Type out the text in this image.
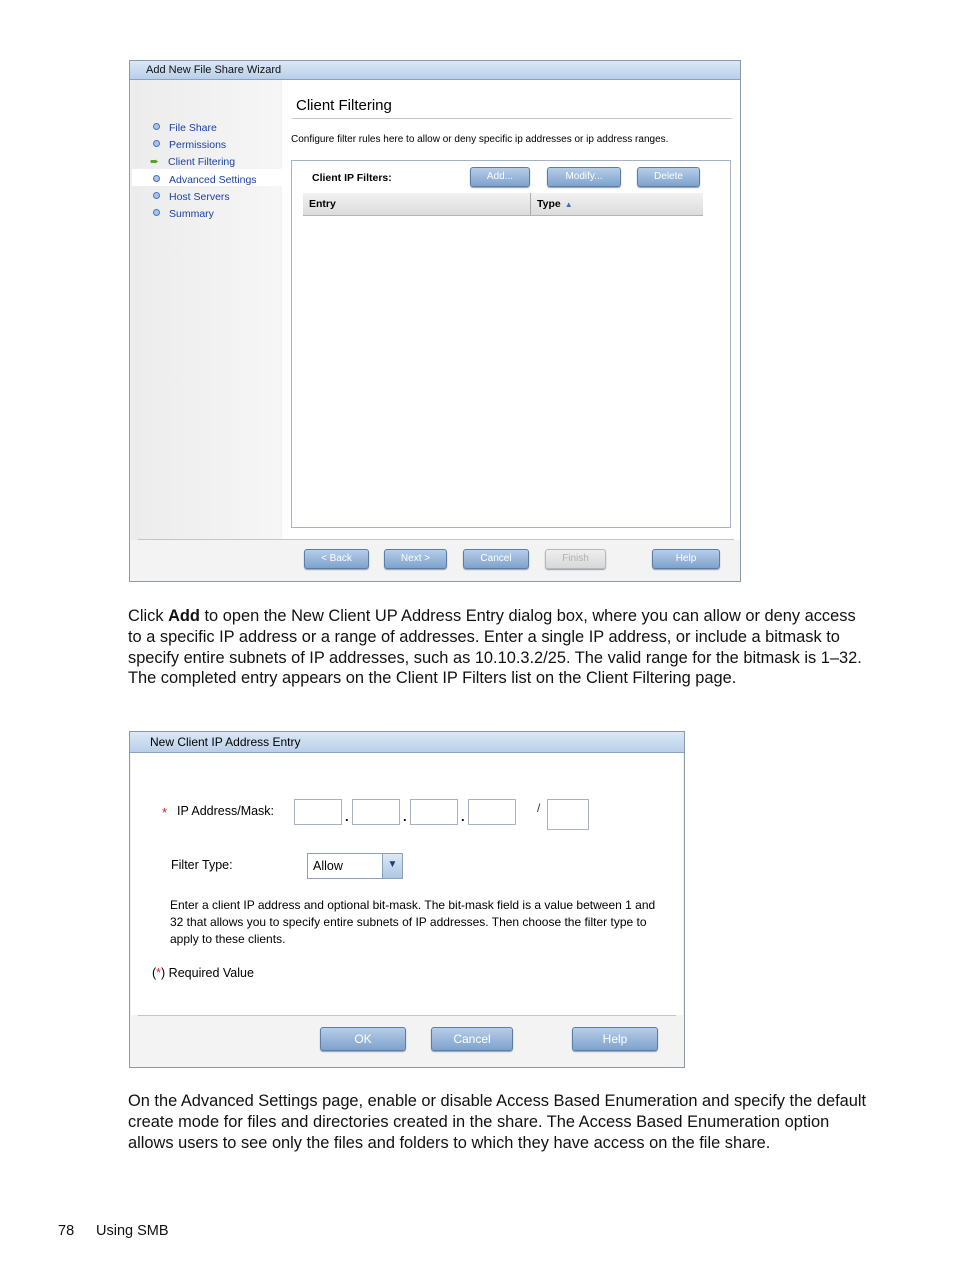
Add New File Share Wizard
File Share
Permissions
➨ Client Filtering
Advanced Settings
Host Servers
Summary
Client Filtering
Configure filter rules here to allow or deny specific ip addresses or ip address ranges.
Client IP Filters:	Add...	Modify...	Delete
Entry	Type ▲
< Back	Next >	Cancel	Finish	Help
Click Add to open the New Client UP Address Entry dialog box, where you can allow or deny access to a specific IP address or a range of addresses. Enter a single IP address, or include a bitmask to specify entire subnets of IP addresses, such as 10.10.3.2/25. The valid range for the bitmask is 1–32. The completed entry appears on the Client IP Filters list on the Client Filtering page.
New Client IP Address Entry
* IP Address/Mask:	.	.	.
/
Filter Type:	Allow	▼
Enter a client IP address and optional bit-mask. The bit-mask field is a value between 1 and 32 that allows you to specify entire subnets of IP addresses. Then choose the filter type to apply to these clients.
(*) Required Value
OK	Cancel	Help
On the Advanced Settings page, enable or disable Access Based Enumeration and specify the default create mode for files and directories created in the share. The Access Based Enumeration option allows users to see only the files and folders to which they have access on the file share.
78 Using SMB
